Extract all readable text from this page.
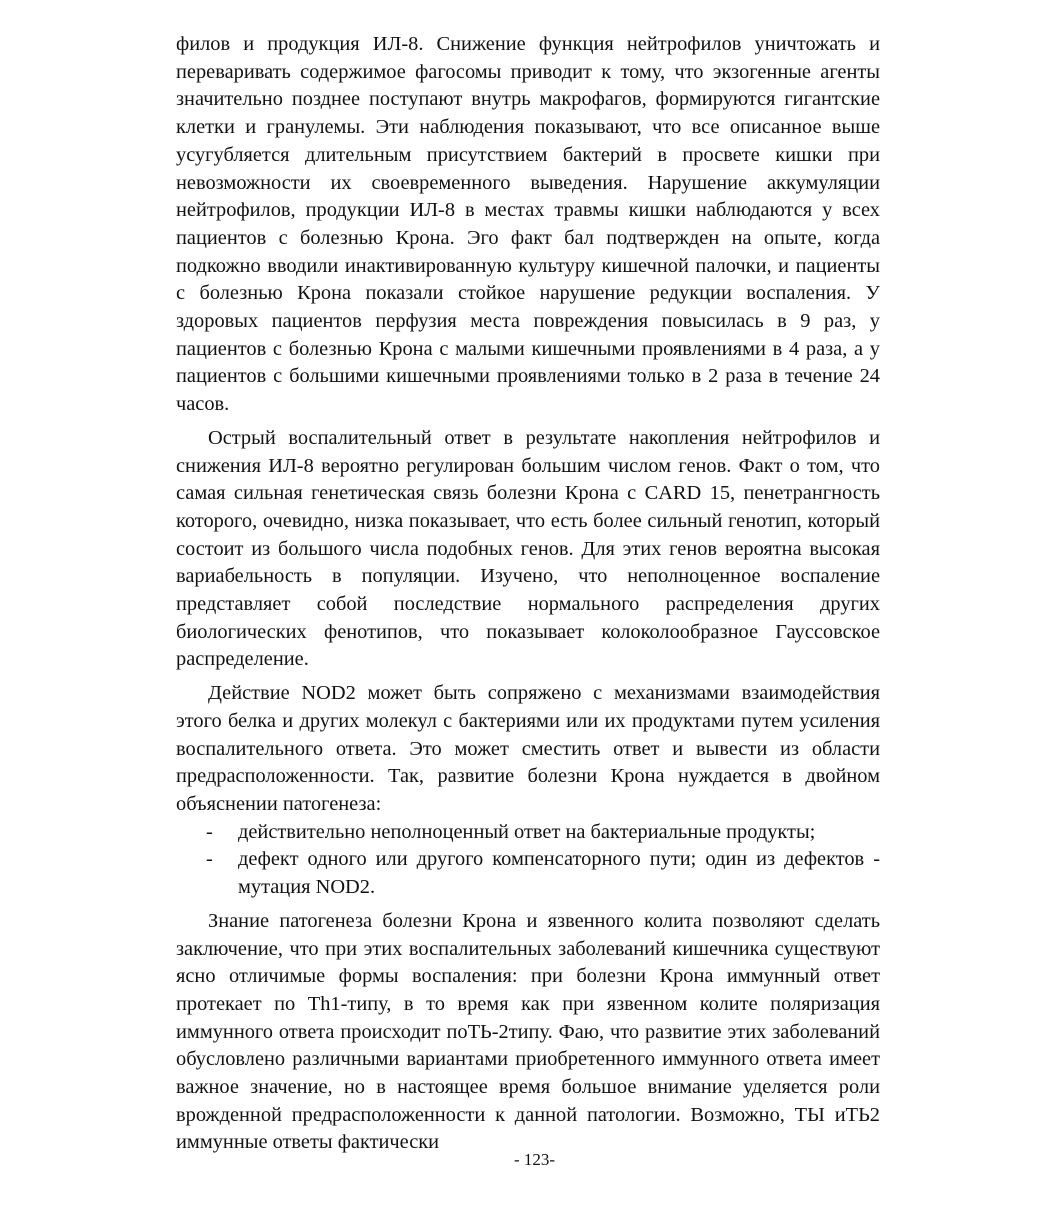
филов и продукция ИЛ-8. Снижение функция нейтрофилов уничтожать и переваривать содержимое фагосомы приводит к тому, что экзогенные агенты значительно позднее поступают внутрь макрофагов, формируются гигантские клетки и гранулемы. Эти наблюдения показывают, что все описанное выше усугубляется длительным присутствием бактерий в просвете кишки при невозможности их своевременного выведения. Нарушение аккумуляции нейтрофилов, продукции ИЛ-8 в местах травмы кишки наблюдаются у всех пациентов с болезнью Крона. Эго факт бал подтвержден на опыте, когда подкожно вводили инактивированную культуру кишечной палочки, и пациенты с болезнью Крона показали стойкое нарушение редукции воспаления. У здоровых пациентов перфузия места повреждения повысилась в 9 раз, у пациентов с болезнью Крона с малыми кишечными проявлениями в 4 раза, а у пациентов с большими кишечными проявлениями только в 2 раза в течение 24 часов.

Острый воспалительный ответ в результате накопления нейтрофилов и снижения ИЛ-8 вероятно регулирован большим числом генов. Факт о том, что самая сильная генетическая связь болезни Крона с CARD 15, пенетрангность которого, очевидно, низка показывает, что есть более сильный генотип, который состоит из большого числа подобных генов. Для этих генов вероятна высокая вариабельность в популяции. Изучено, что неполноценное воспаление представляет собой последствие нормального распределения других биологических фенотипов, что показывает колоколообразное Гауссовское распределение.

Действие NOD2 может быть сопряжено с механизмами взаимодействия этого белка и других молекул с бактериями или их продуктами путем усиления воспалительного ответа. Это может сместить ответ и вывести из области предрасположенности. Так, развитие болезни Крона нуждается в двойном объяснении патогенеза:

- действительно неполноценный ответ на бактериальные продукты;
- дефект одного или другого компенсаторного пути; один из дефектов - мутация NOD2.

Знание патогенеза болезни Крона и язвенного колита позволяют сделать заключение, что при этих воспалительных заболеваний кишечника существуют ясно отличимые формы воспаления: при болезни Крона иммунный ответ протекает по Th1-типу, в то время как при язвенном колите поляризация иммунного ответа происходит поТЬ-2типу. Фаю, что развитие этих заболеваний обусловлено различными вариантами приобретенного иммунного ответа имеет важное значение, но в настоящее время большое внимание уделяется роли врожденной предрасположенности к данной патологии. Возможно, ТЫ иТЬ2 иммунные ответы фактически

- 123-
